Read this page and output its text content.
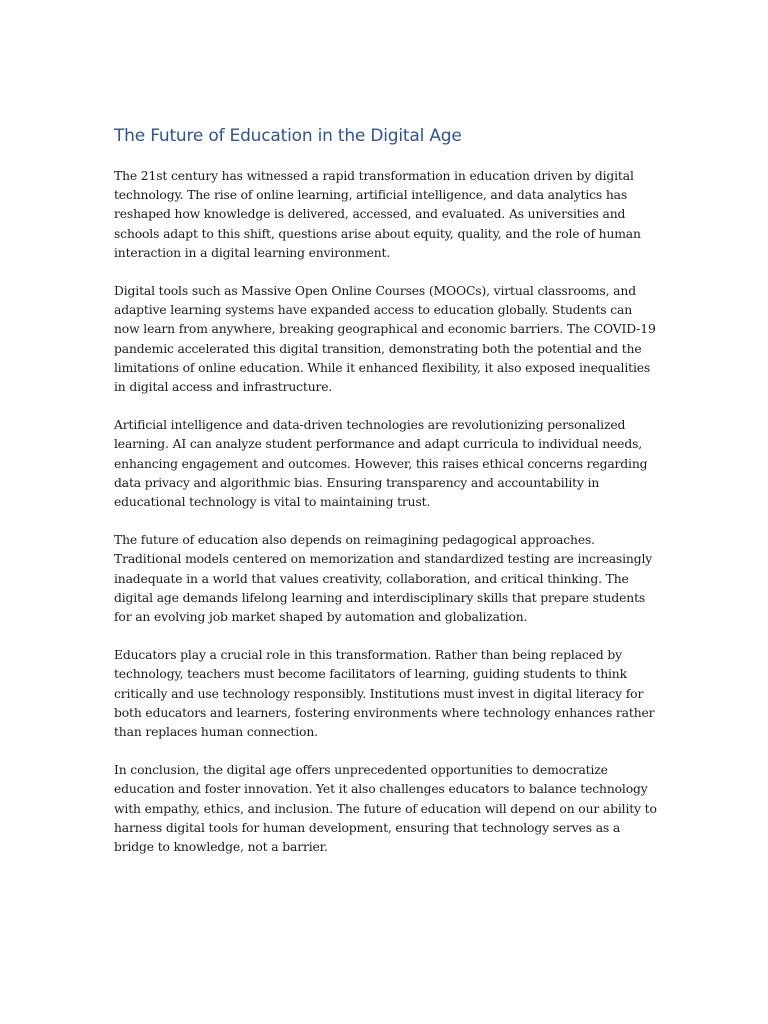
The Future of Education in the Digital Age

The 21st century has witnessed a rapid transformation in education driven by digital technology. The rise of online learning, artificial intelligence, and data analytics has reshaped how knowledge is delivered, accessed, and evaluated. As universities and schools adapt to this shift, questions arise about equity, quality, and the role of human interaction in a digital learning environment.

Digital tools such as Massive Open Online Courses (MOOCs), virtual classrooms, and adaptive learning systems have expanded access to education globally. Students can now learn from anywhere, breaking geographical and economic barriers. The COVID-19 pandemic accelerated this digital transition, demonstrating both the potential and the limitations of online education. While it enhanced flexibility, it also exposed inequalities in digital access and infrastructure.

Artificial intelligence and data-driven technologies are revolutionizing personalized learning. AI can analyze student performance and adapt curricula to individual needs, enhancing engagement and outcomes. However, this raises ethical concerns regarding data privacy and algorithmic bias. Ensuring transparency and accountability in educational technology is vital to maintaining trust.

The future of education also depends on reimagining pedagogical approaches. Traditional models centered on memorization and standardized testing are increasingly inadequate in a world that values creativity, collaboration, and critical thinking. The digital age demands lifelong learning and interdisciplinary skills that prepare students for an evolving job market shaped by automation and globalization.

Educators play a crucial role in this transformation. Rather than being replaced by technology, teachers must become facilitators of learning, guiding students to think critically and use technology responsibly. Institutions must invest in digital literacy for both educators and learners, fostering environments where technology enhances rather than replaces human connection.

In conclusion, the digital age offers unprecedented opportunities to democratize education and foster innovation. Yet it also challenges educators to balance technology with empathy, ethics, and inclusion. The future of education will depend on our ability to harness digital tools for human development, ensuring that technology serves as a bridge to knowledge, not a barrier.
